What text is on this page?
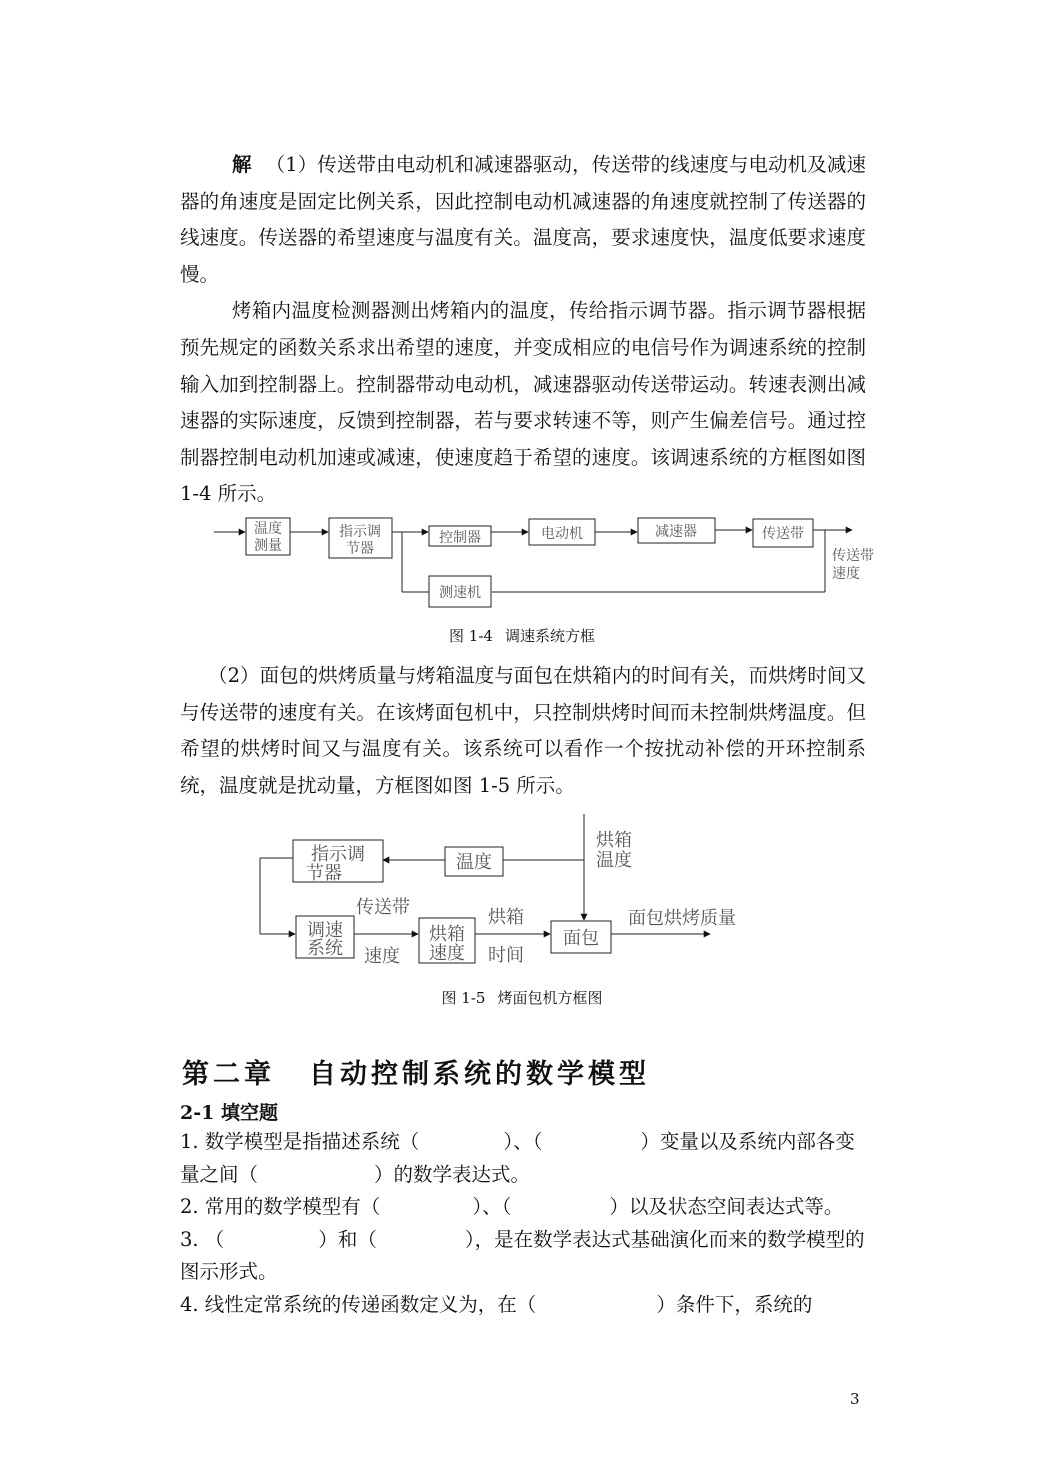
解 （1）传送带由电动机和减速器驱动，传送带的线速度与电动机及减速器的角速度是固定比例关系，因此控制电动机减速器的角速度就控制了传送器的线速度。传送器的希望速度与温度有关。温度高，要求速度快，温度低要求速度慢。

烤箱内温度检测器测出烤箱内的温度，传给指示调节器。指示调节器根据预先规定的函数关系求出希望的速度，并变成相应的电信号作为调速系统的控制输入加到控制器上。控制器带动电动机，减速器驱动传送带运动。转速表测出减速器的实际速度，反馈到控制器，若与要求转速不等，则产生偏差信号。通过控制器控制电动机加速或减速，使速度趋于希望的速度。该调速系统的方框图如图 1-4 所示。

温度
测量
指示调
节器
控制器	电动机	减速器	传送带
测速机
传送带
速度
图 1-4 调速系统方框

（2）面包的烘烤质量与烤箱温度与面包在烘箱内的时间有关，而烘烤时间又与传送带的速度有关。在该烤面包机中，只控制烘烤时间而未控制烘烤温度。但希望的烘烤时间又与温度有关。该系统可以看作一个按扰动补偿的开环控制系统，温度就是扰动量，方框图如图 1-5 所示。

指示调
节器
温度
调速
系统
烘箱
速度
面包
烘箱
温度
传送带
速度
烘箱
时间
面包烘烤质量
图 1-5 烤面包机方框图
第二章 自动控制系统的数学模型
2-1 填空题

1. 数学模型是指描述系统（	）、（	）变量以及系统内部各变量之间（	）的数学表达式。

2. 常用的数学模型有（	）、（	）以及状态空间表达式等。

3. （	）和（	），是在数学表达式基础演化而来的数学模型的图示形式。

4. 线性定常系统的传递函数定义为，在（	）条件下，系统的

3
